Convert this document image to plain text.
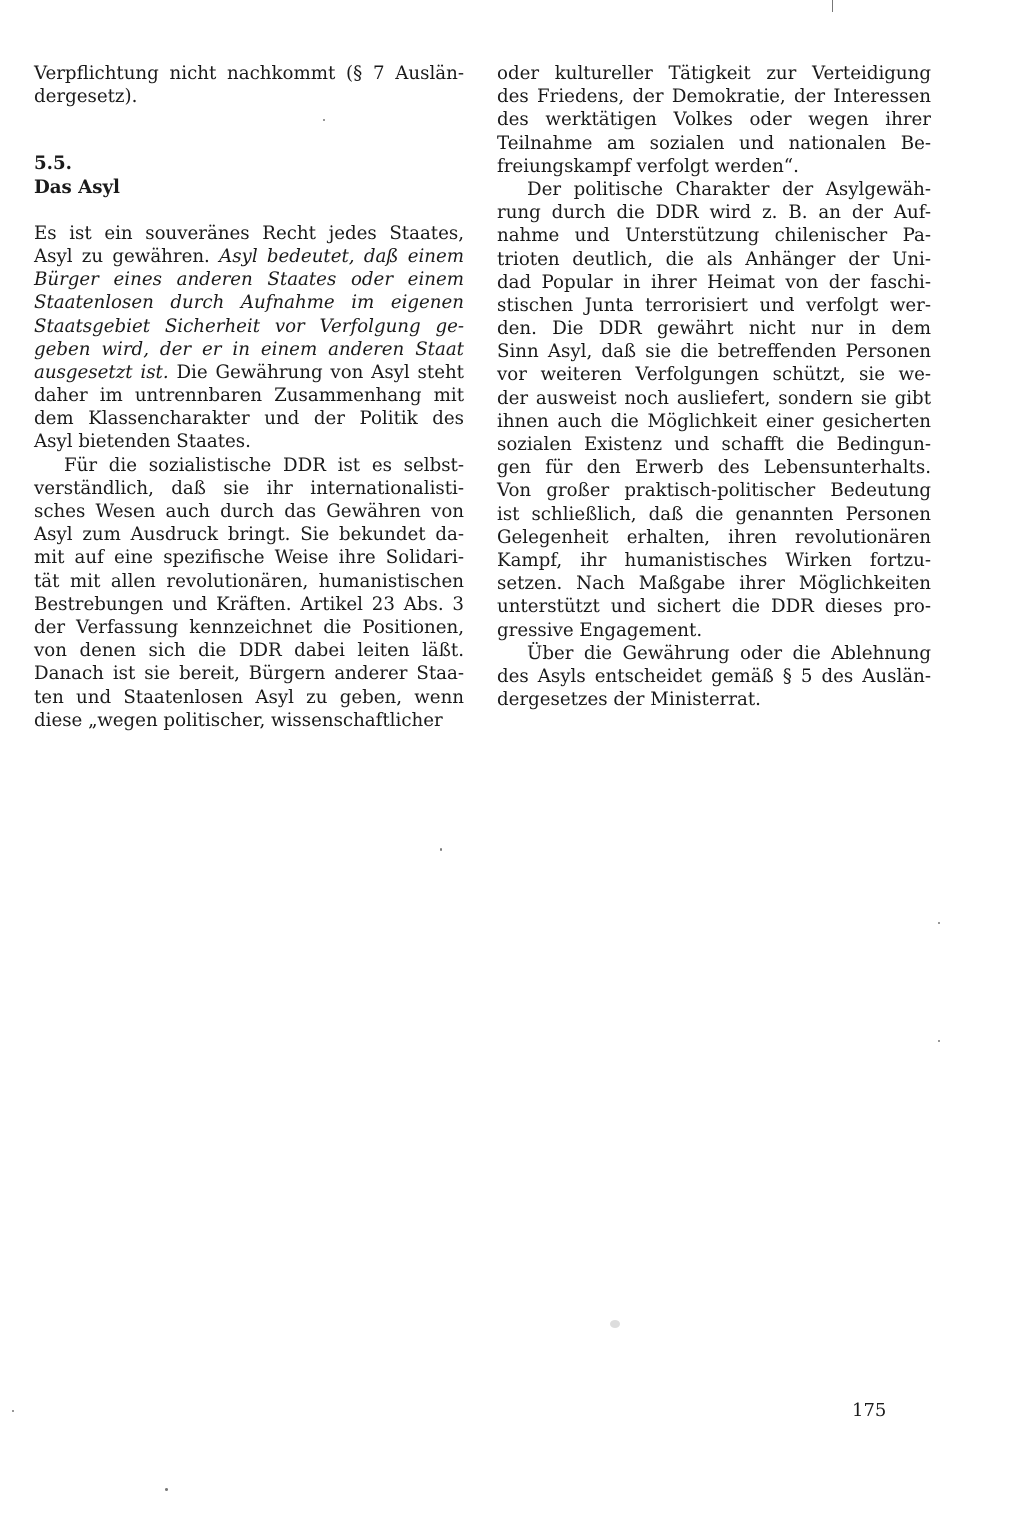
Verpflichtung nicht nachkommt (§ 7 Auslän-
dergesetz).
5.5.
Das Asyl
Es ist ein souveränes Recht jedes Staates,
Asyl zu gewähren. Asyl bedeutet, daß einem
Bürger eines anderen Staates oder einem
Staatenlosen durch Aufnahme im eigenen
Staatsgebiet Sicherheit vor Verfolgung ge-
geben wird, der er in einem anderen Staat
ausgesetzt ist. Die Gewährung von Asyl steht
daher im untrennbaren Zusammenhang mit
dem Klassencharakter und der Politik des
Asyl bietenden Staates.
Für die sozialistische DDR ist es selbst-
verständlich, daß sie ihr internationalisti-
sches Wesen auch durch das Gewähren von
Asyl zum Ausdruck bringt. Sie bekundet da-
mit auf eine spezifische Weise ihre Solidari-
tät mit allen revolutionären, humanistischen
Bestrebungen und Kräften. Artikel 23 Abs. 3
der Verfassung kennzeichnet die Positionen,
von denen sich die DDR dabei leiten läßt.
Danach ist sie bereit, Bürgern anderer Staa-
ten und Staatenlosen Asyl zu geben, wenn
diese „wegen politischer, wissenschaftlicher
oder kultureller Tätigkeit zur Verteidigung
des Friedens, der Demokratie, der Interessen
des werktätigen Volkes oder wegen ihrer
Teilnahme am sozialen und nationalen Be-
freiungskampf verfolgt werden“.
Der politische Charakter der Asylgewäh-
rung durch die DDR wird z. B. an der Auf-
nahme und Unterstützung chilenischer Pa-
trioten deutlich, die als Anhänger der Uni-
dad Popular in ihrer Heimat von der faschi-
stischen Junta terrorisiert und verfolgt wer-
den. Die DDR gewährt nicht nur in dem
Sinn Asyl, daß sie die betreffenden Personen
vor weiteren Verfolgungen schützt, sie we-
der ausweist noch ausliefert, sondern sie gibt
ihnen auch die Möglichkeit einer gesicherten
sozialen Existenz und schafft die Bedingun-
gen für den Erwerb des Lebensunterhalts.
Von großer praktisch-politischer Bedeutung
ist schließlich, daß die genannten Personen
Gelegenheit erhalten, ihren revolutionären
Kampf, ihr humanistisches Wirken fortzu-
setzen. Nach Maßgabe ihrer Möglichkeiten
unterstützt und sichert die DDR dieses pro-
gressive Engagement.
Über die Gewährung oder die Ablehnung
des Asyls entscheidet gemäß § 5 des Auslän-
dergesetzes der Ministerrat.
175
